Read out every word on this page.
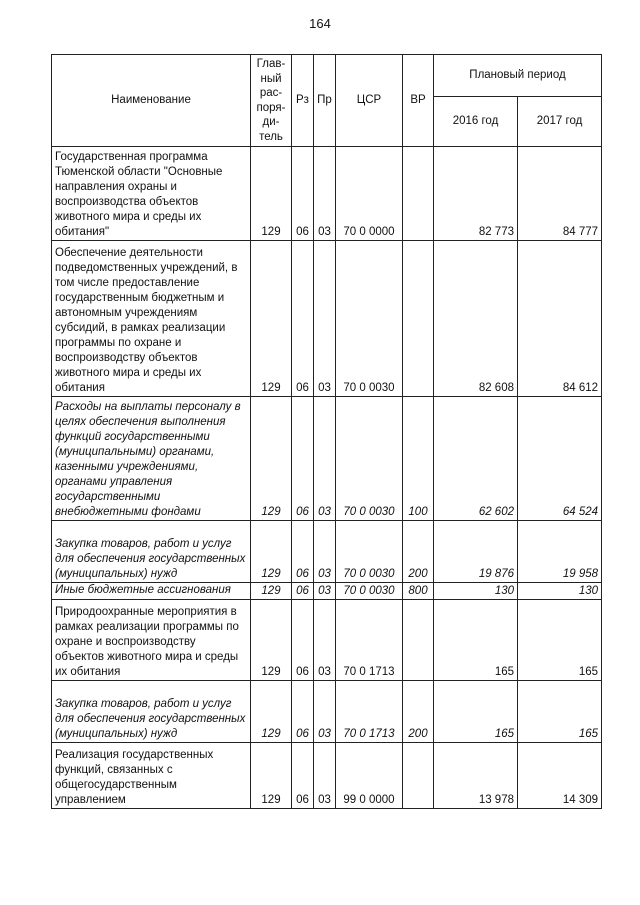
164
Наименование	Глав-ный рас-поря-ди-тель	Рз	Пр	ЦСР	ВР	Плановый период	
						2016 год	2017 год
Государственная программа Тюменской области "Основные направления охраны и воспроизводства объектов животного мира и среды их обитания"	129	06	03	70 0 0000		82 773	84 777
Обеспечение деятельности подведомственных учреждений, в том числе предоставление государственным бюджетным и автономным учреждениям субсидий, в рамках реализации программы по охране и воспроизводству объектов животного мира и среды их обитания	129	06	03	70 0 0030		82 608	84 612
Расходы на выплаты персоналу в целях обеспечения выполнения функций государственными (муниципальными) органами, казенными учреждениями, органами управления государственными внебюджетными фондами	129	06	03	70 0 0030	100	62 602	64 524
Закупка товаров, работ и услуг для обеспечения государственных (муниципальных) нужд	129	06	03	70 0 0030	200	19 876	19 958
Иные бюджетные ассигнования	129	06	03	70 0 0030	800	130	130
Природоохранные мероприятия в рамках реализации программы по охране и воспроизводству объектов животного мира и среды их обитания	129	06	03	70 0 1713		165	165
Закупка товаров, работ и услуг для обеспечения государственных (муниципальных) нужд	129	06	03	70 0 1713	200	165	165
Реализация государственных функций, связанных с общегосударственным управлением	129	06	03	99 0 0000		13 978	14 309
